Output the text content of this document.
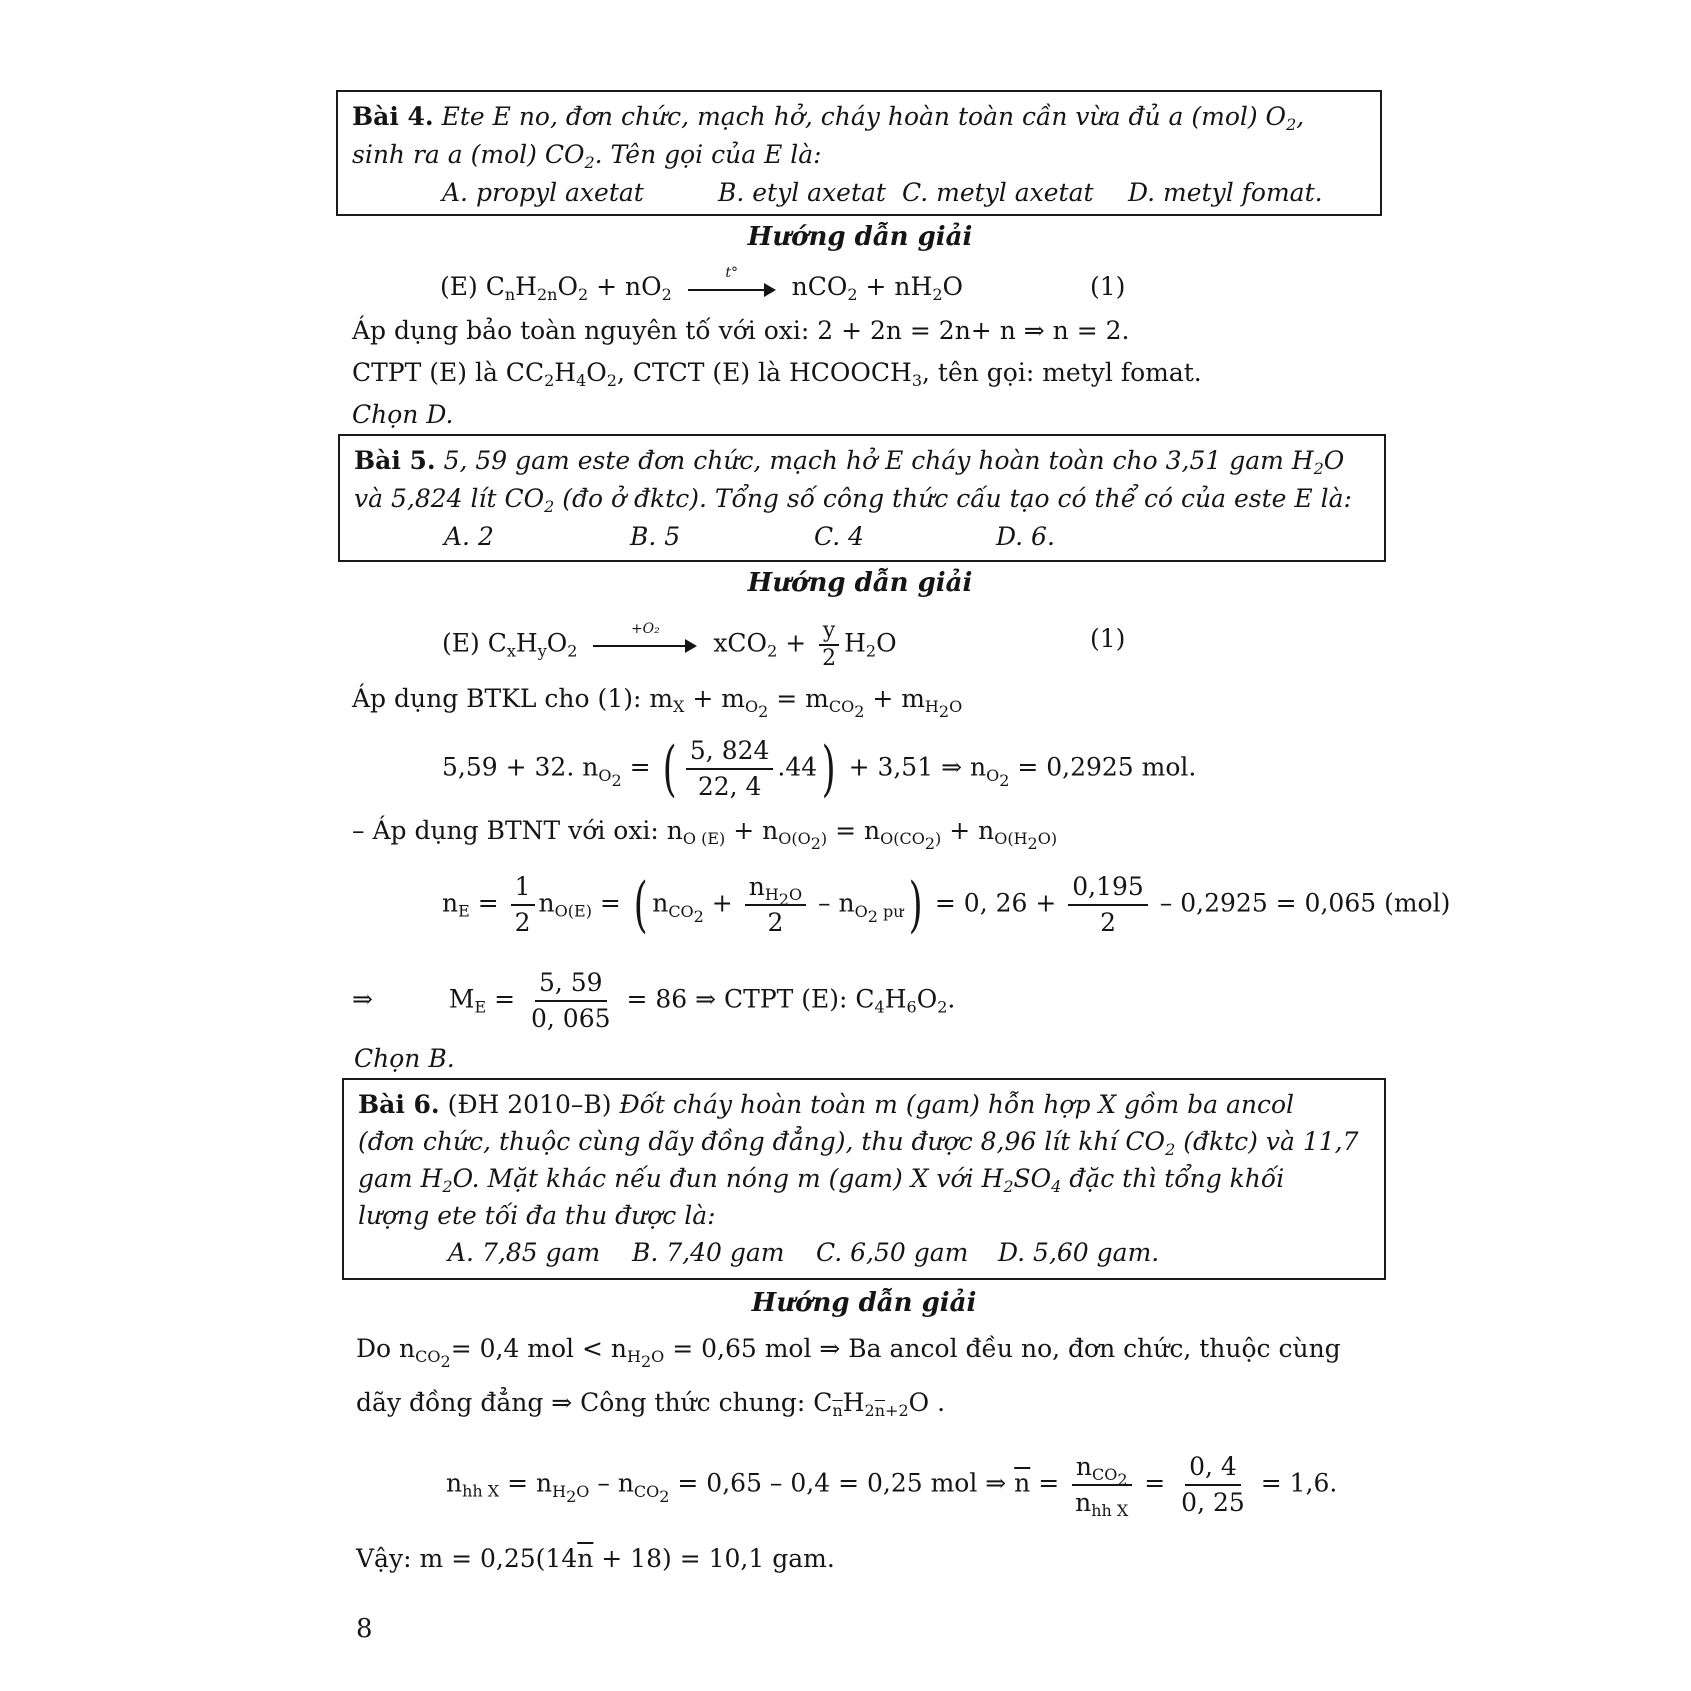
Bài 4. Ete E no, đơn chức, mạch hở, cháy hoàn toàn cần vừa đủ a (mol) $O_2$,
sinh ra a (mol) $CO_2$. Tên gọi của E là:
A. propyl axetat	B. etyl axetat C. metyl axetat	D. metyl fomat.
Hướng dẫn giải
(E) $C_nH_{2n}O_2 + nO_2$
t°	$nCO_2 + nH_2O$	(1)
Áp dụng bảo toàn nguyên tố với oxi: 2 + 2n = 2n+ n ⇒ n = 2.
CTPT (E) là $CC_2H_4O_2$, CTCT (E) là $HCOOCH_3$, tên gọi: metyl fomat.
Chọn D.
Bài 5. 5, 59 gam este đơn chức, mạch hở E cháy hoàn toàn cho 3,51 gam $H_2O$
và 5,824 lít $CO_2$ (đo ở đktc). Tổng số công thức cấu tạo có thể có của este E là:
A. 2	B. 5	C. 4	D. 6.
Hướng dẫn giải
(E) $C_xH_yO_2$
+O₂	$xCO_2 + \frac{y}{2} H_2O$	(1)
Áp dụng BTKL cho (1): $m_X + m_{O_2} = m_{CO_2} + m_{H_2O}$
5,59 + 32. $n_{O_2}$ = ( $\frac{5, 824}{22, 4} .44) + 3,51$ ⇒ $n_{O_2} = 0,2925$ mol.
– Áp dụng BTNT với oxi: $n_{O (E)} + n_{O(O_2)} = n_{O(CO_2)} + n_{O(H_2O)}$
$n_E = \frac{1}{2} n_{O(E)}$ = ( $n_{CO_2} + \frac{n_{H_2O}}{2} - n_{O_2 pư}) = 0$, $26 + \frac{0,195}{2} - 0,2925 = 0,065$ (mol)
⇒	$M_E = \frac{5, 59}{0, 065} = 86$ ⇒ CTPT (E): $C_4H_6O_2$.
Chọn B.
Bài 6. (ĐH 2010–B) Đốt cháy hoàn toàn m (gam) hỗn hợp X gồm ba ancol
(đơn chức, thuộc cùng dãy đồng đẳng), thu được 8,96 lít khí $CO_2$ (đktc) và 11,7
gam $H_2O$. Mặt khác nếu đun nóng m (gam) X với $H_2SO_4$ đặc thì tổng khối
lượng ete tối đa thu được là:
A. 7,85 gam	B. 7,40 gam	C. 6,50 gam	D. 5,60 gam.
Hướng dẫn giải
Do $n_{CO_2}= 0,4$ mol < $n_{H_2O} = 0,65$ mol ⇒ Ba ancol đều no, đơn chức, thuộc cùng
dãy đồng đẳng ⇒ Công thức chung: $C_{\overline{n}}H_{2\overline{n}+2}O$ .
$n_{hh X} = n_{H_2O} - n_{CO_2} = 0,65 - 0,4 = 0,25$ mol ⇒ $\overline{n} = \frac{n_{CO_2}}{n_{hh X}} = \frac{0, 4}{0, 25} = 1,6$.
Vậy: $m = 0,25(14\overline{n} + 18) = 10,1$ gam.
8
